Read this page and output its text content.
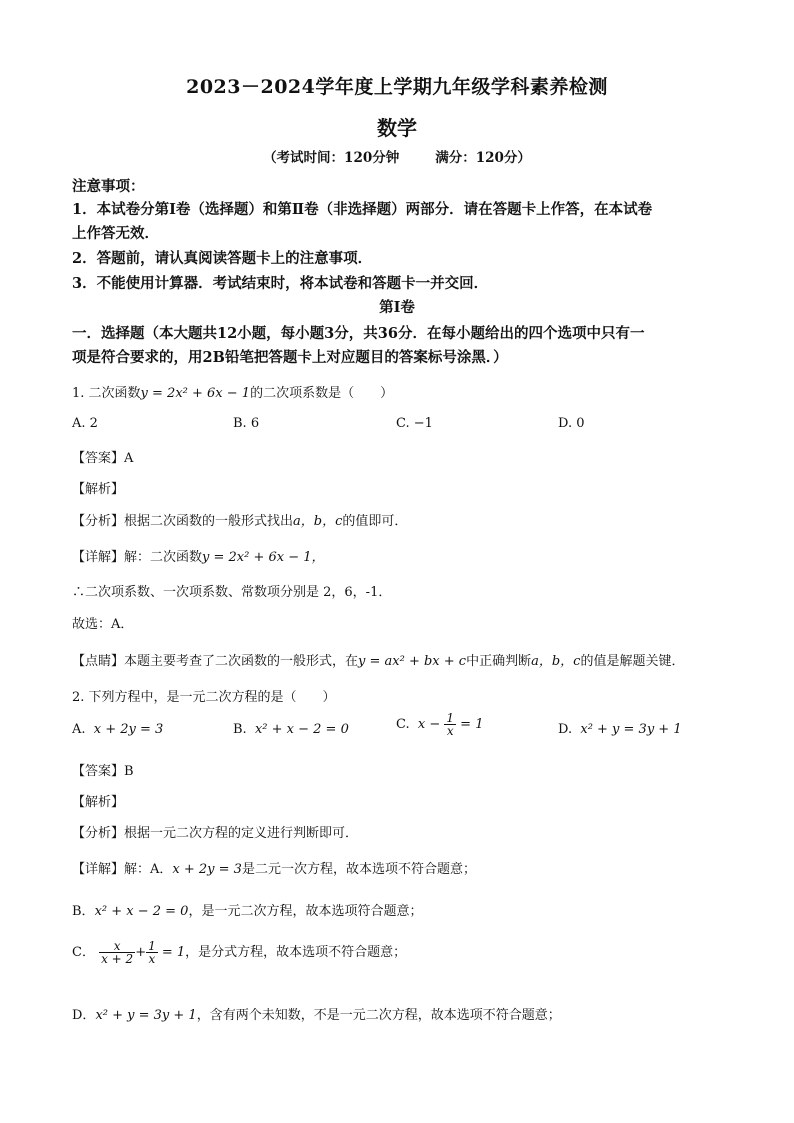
2023－2024学年度上学期九年级学科素养检测
数学
（考试时间：120分钟	满分：120分）
注意事项：
1．本试卷分第Ⅰ卷（选择题）和第Ⅱ卷（非选择题）两部分．请在答题卡上作答，在本试卷
上作答无效．
2．答题前，请认真阅读答题卡上的注意事项．
3．不能使用计算器．考试结束时，将本试卷和答题卡一并交回．
第Ⅰ卷
一．选择题（本大题共12小题，每小题3分，共36分．在每小题给出的四个选项中只有一
项是符合要求的，用2B铅笔把答题卡上对应题目的答案标号涂黑．）
1. 二次函数y = 2x² + 6x − 1的二次项系数是（　　）
A. 2	B. 6	C. −1	D. 0
【答案】A
【解析】
【分析】根据二次函数的一般形式找出a，b，c的值即可．
【详解】解：二次函数y = 2x² + 6x − 1，
∴二次项系数、一次项系数、常数项分别是 2，6，-1．
故选：A．
【点睛】本题主要考查了二次函数的一般形式，在y = ax² + bx + c中正确判断a，b，c的值是解题关键．
2. 下列方程中，是一元二次方程的是（　　）
A. x + 2y = 3	B. x² + x − 2 = 0	C. $x - \frac{1}{x} = 1$	D. x² + y = 3y + 1
【答案】B
【解析】
【分析】根据一元二次方程的定义进行判断即可．
【详解】解：A．x + 2y = 3是二元一次方程，故本选项不符合题意；
B．x² + x − 2 = 0，是一元二次方程，故本选项符合题意；
C． $\frac{x}{x + 2} + \frac{1}{x} = 1$，是分式方程，故本选项不符合题意；
D．x² + y = 3y + 1，含有两个未知数，不是一元二次方程，故本选项不符合题意；
